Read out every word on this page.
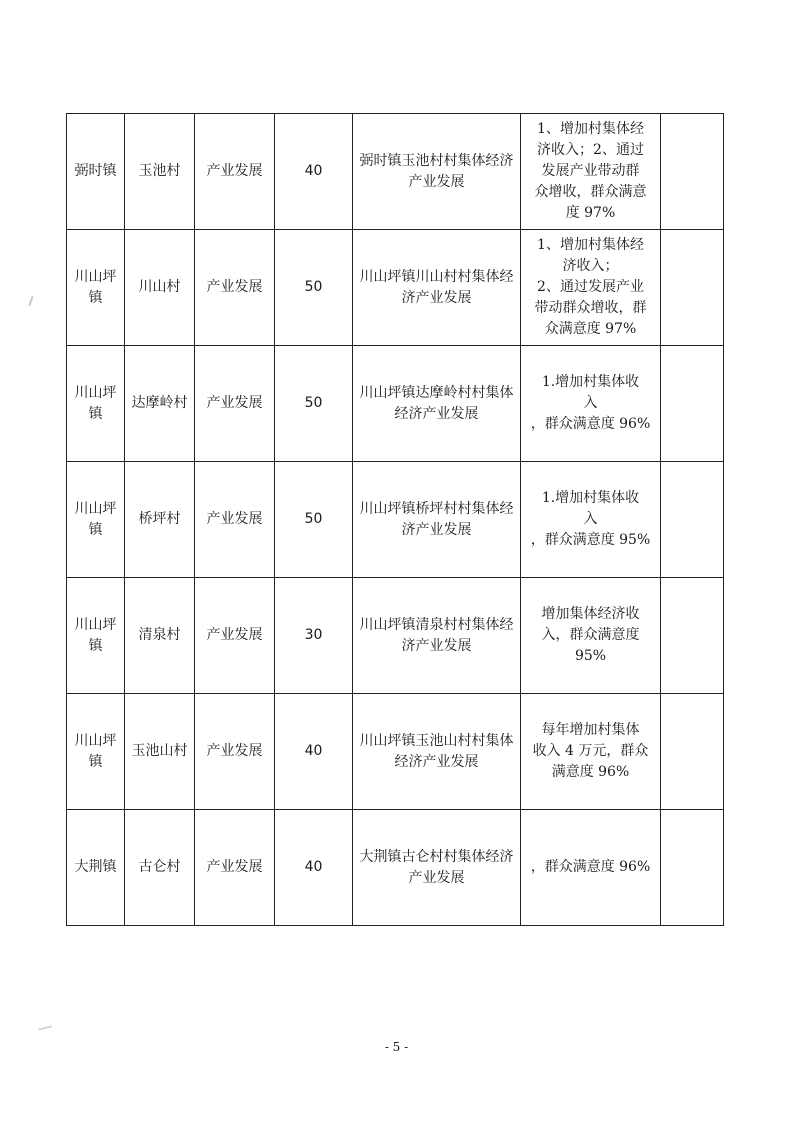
弼时镇	玉池村	产业发展	40	弼时镇玉池村村集体经济产业发展	1、增加村集体经
济收入；2、通过
发展产业带动群
众增收，群众满意
度 97%	

川山坪镇	川山村	产业发展	50	川山坪镇川山村村集体经济产业发展	1、增加村集体经
济收入；
2、通过发展产业
带动群众增收，群
众满意度 97%	

川山坪镇	达摩岭村	产业发展	50	川山坪镇达摩岭村村集体经济产业发展	1.增加村集体收
入
，群众满意度 96%	

川山坪镇	桥坪村	产业发展	50	川山坪镇桥坪村村集体经济产业发展	1.增加村集体收
入
，群众满意度 95%	

川山坪镇	清泉村	产业发展	30	川山坪镇清泉村村集体经济产业发展	增加集体经济收
入，群众满意度
95%	

川山坪镇	玉池山村	产业发展	40	川山坪镇玉池山村村集体经济产业发展	每年增加村集体
收入 4 万元，群众
满意度 96%	

大荆镇	古仑村	产业发展	40	大荆镇古仑村村集体经济产业发展	，群众满意度 96%	

- 5 -
